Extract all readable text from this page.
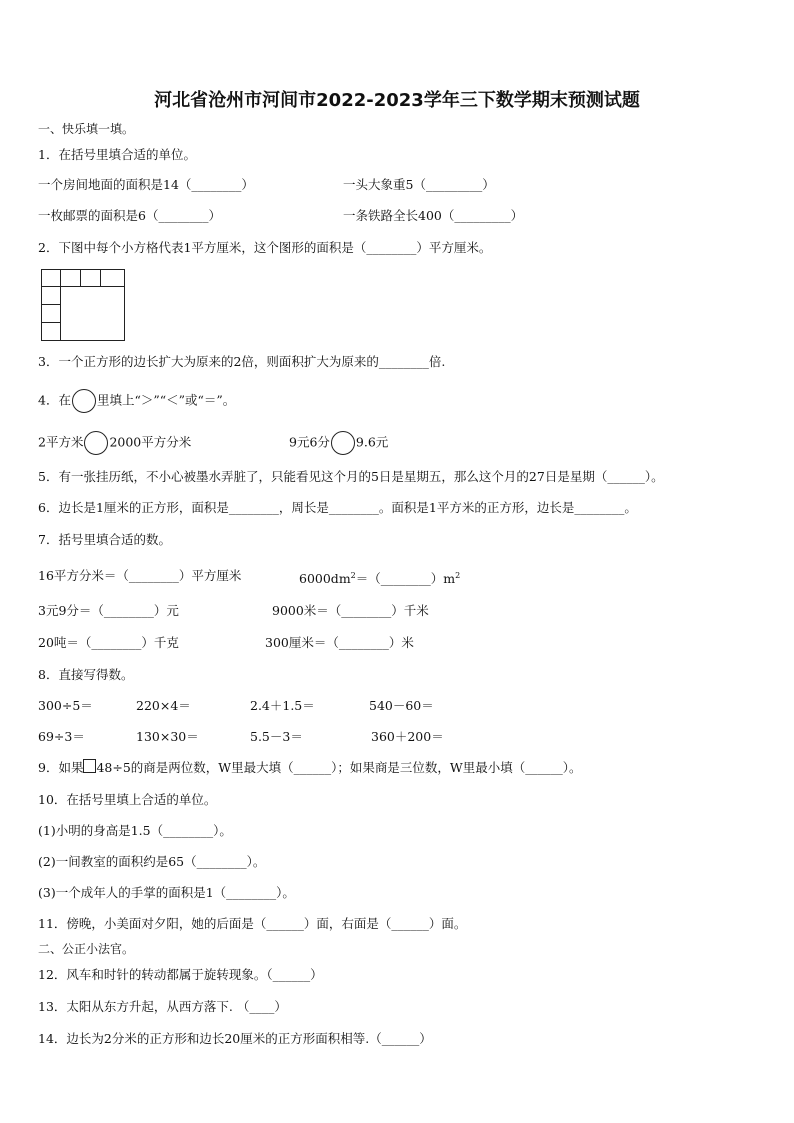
河北省沧州市河间市2022-2023学年三下数学期末预测试题
一、快乐填一填。
1．在括号里填合适的单位。
一个房间地面的面积是14（________）	一头大象重5（_________）
一枚邮票的面积是6（________）	一条铁路全长400（_________）
2．下图中每个小方格代表1平方厘米，这个图形的面积是（________）平方厘米。
3．一个正方形的边长扩大为原来的2倍，则面积扩大为原来的________倍.
4．在 里填上“＞”“＜”或“＝”。
2平方米 2000平方分米	9元6分 9.6元
5．有一张挂历纸，不小心被墨水弄脏了，只能看见这个月的5日是星期五，那么这个月的27日是星期（______）。
6．边长是1厘米的正方形，面积是________，周长是________。面积是1平方米的正方形，边长是________。
7．括号里填合适的数。
16平方分米＝（________）平方厘米	$6000dm^2=(\_\_\_\_\_\_\_\_)m^2$
3元9分＝（________）元	9000米＝（________）千米
20吨＝（________）千克	300厘米＝（________）米
8．直接写得数。
300÷5＝	220×4＝	2.4＋1.5＝	540－60＝
69÷3＝	130×30＝	5.5－3＝	360＋200＝
9．如果 48÷5的商是两位数，W里最大填（______）；如果商是三位数，W里最小填（______）。
10．在括号里填上合适的单位。
(1)小明的身高是1.5（________）。
(2)一间教室的面积约是65（________）。
(3)一个成年人的手掌的面积是1（________）。
11．傍晚，小美面对夕阳，她的后面是（______）面，右面是（______）面。
二、公正小法官。
12．风车和时针的转动都属于旋转现象。（______）
13．太阳从东方升起，从西方落下. （____）
14．边长为2分米的正方形和边长20厘米的正方形面积相等.（______）
